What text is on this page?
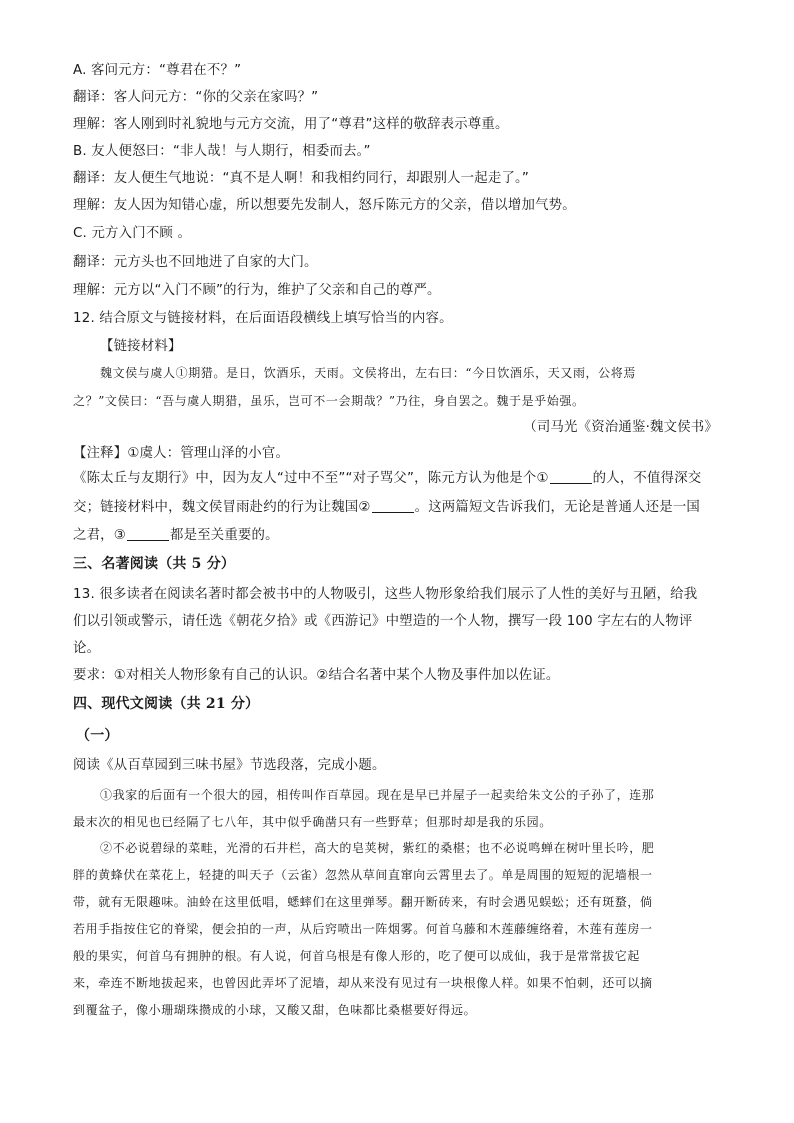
A. 客问元方：“尊君在不？”
翻译：客人问元方：“你的父亲在家吗？”
理解：客人刚到时礼貌地与元方交流，用了“尊君”这样的敬辞表示尊重。
B. 友人便怒曰：“非人哉！与人期行，相委而去。”
翻译：友人便生气地说：“真不是人啊！和我相约同行，却跟别人一起走了。”
理解：友人因为知错心虚，所以想要先发制人，怒斥陈元方的父亲，借以增加气势。
C. 元方入门不顾 。
翻译：元方头也不回地进了自家的大门。
理解：元方以“入门不顾”的行为，维护了父亲和自己的尊严。
12. 结合原文与链接材料，在后面语段横线上填写恰当的内容。
【链接材料】
魏文侯与虞人①期猎。是日，饮酒乐，天雨。文侯将出，左右曰：“今日饮酒乐，天又雨，公将焉
之？”文侯曰：“吾与虞人期猎，虽乐，岂可不一会期哉？”乃往，身自罢之。魏于是乎始强。
（司马光《资治通鉴·魏文侯书》
【注释】①虞人：管理山泽的小官。
《陈太丘与友期行》中，因为友人“过中不至”“对子骂父”，陈元方认为他是个①	的人，不值得深交
交；链接材料中，魏文侯冒雨赴约的行为让魏国②	。这两篇短文告诉我们，无论是普通人还是一国
之君，③	都是至关重要的。
三、名著阅读（共 5 分）
13. 很多读者在阅读名著时都会被书中的人物吸引，这些人物形象给我们展示了人性的美好与丑陋，给我
们以引领或警示，请任选《朝花夕拾》或《西游记》中塑造的一个人物，撰写一段 100 字左右的人物评
论。
要求：①对相关人物形象有自己的认识。②结合名著中某个人物及事件加以佐证。
四、现代文阅读（共 21 分）
（一）
阅读《从百草园到三味书屋》节选段落，完成小题。
①我家的后面有一个很大的园，相传叫作百草园。现在是早已并屋子一起卖给朱文公的子孙了，连那
最末次的相见也已经隔了七八年，其中似乎确凿只有一些野草；但那时却是我的乐园。
②不必说碧绿的菜畦，光滑的石井栏，高大的皂荚树，紫红的桑椹；也不必说鸣蝉在树叶里长吟，肥
胖的黄蜂伏在菜花上，轻捷的叫天子（云雀）忽然从草间直窜向云霄里去了。单是周围的短短的泥墙根一
带，就有无限趣味。油蛉在这里低唱，蟋蟀们在这里弹琴。翻开断砖来，有时会遇见蜈蚣；还有斑蝥，倘
若用手指按住它的脊梁，便会拍的一声，从后窍喷出一阵烟雾。何首乌藤和木莲藤缠络着，木莲有莲房一
般的果实，何首乌有拥肿的根。有人说，何首乌根是有像人形的，吃了便可以成仙，我于是常常拔它起
来，牵连不断地拔起来，也曾因此弄坏了泥墙，却从来没有见过有一块根像人样。如果不怕刺，还可以摘
到覆盆子，像小珊瑚珠攒成的小球，又酸又甜，色味都比桑椹要好得远。
